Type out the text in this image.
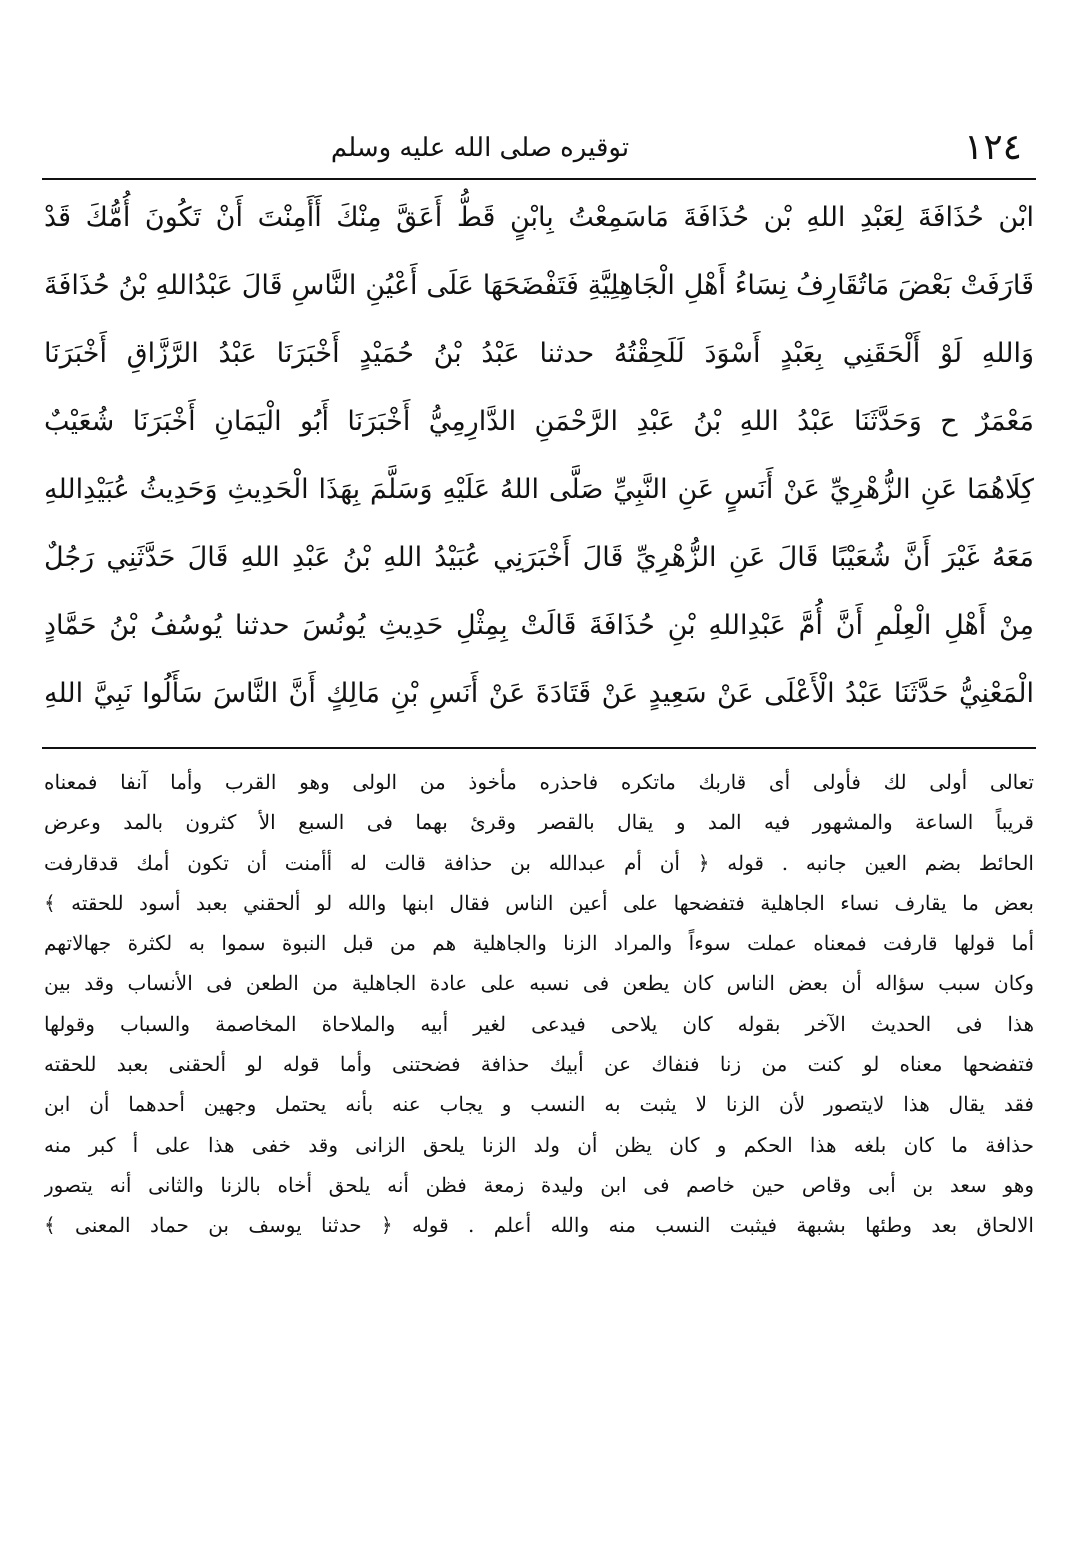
١٢٤
توقيره صلى الله عليه وسلم
ابْن حُذَافَةَ لِعَبْدِ اللهِ بْن حُذَافَةَ مَاسَمِعْتُ بِابْنٍ قَطُّ أَعَقَّ مِنْكَ أَأَمِنْتَ أَنْ تَكُونَ أُمُّكَ قَدْ
قَارَفَتْ بَعْضَ مَاتُقَارِفُ نِسَاءُ أَهْلِ الْجَاهِلِيَّةِ فَتَفْضَحَهَا عَلَى أَعْيُنِ النَّاسِ قَالَ عَبْدُاللهِ بْنُ حُذَافَةَ
وَاللهِ لَوْ أَلْحَقَنِي بِعَبْدٍ أَسْوَدَ لَلَحِقْتُهُ حدثنا عَبْدُ بْنُ حُمَيْدٍ أَخْبَرَنَا عَبْدُ الرَّزَّاقِ أَخْبَرَنَا
مَعْمَرٌ ح وَحَدَّثَنَا عَبْدُ اللهِ بْنُ عَبْدِ الرَّحْمَنِ الدَّارِمِيُّ أَخْبَرَنَا أَبُو الْيَمَانِ أَخْبَرَنَا شُعَيْبٌ
كِلَاهُمَا عَنِ الزُّهْرِيِّ عَنْ أَنَسٍ عَنِ النَّبِيِّ صَلَّى اللهُ عَلَيْهِ وَسَلَّمَ بِهَذَا الْحَدِيثِ وَحَدِيثُ عُبَيْدِاللهِ
مَعَهُ غَيْرَ أَنَّ شُعَيْبًا قَالَ عَنِ الزُّهْرِيِّ قَالَ أَخْبَرَنِي عُبَيْدُ اللهِ بْنُ عَبْدِ اللهِ قَالَ حَدَّثَنِي رَجُلٌ
مِنْ أَهْلِ الْعِلْمِ أَنَّ أُمَّ عَبْدِاللهِ بْنِ حُذَافَةَ قَالَتْ بِمِثْلِ حَدِيثِ يُونُسَ حدثنا يُوسُفُ بْنُ حَمَّادٍ
الْمَعْنِيُّ حَدَّثَنَا عَبْدُ الْأَعْلَى عَنْ سَعِيدٍ عَنْ قَتَادَةَ عَنْ أَنَسِ بْنِ مَالِكٍ أَنَّ النَّاسَ سَأَلُوا نَبِيَّ اللهِ
تعالى أولى لك فأولى أى قاربك ماتكره فاحذره مأخوذ من الولى وهو القرب وأما آنفا فمعناه
قريباً الساعة والمشهور فيه المد و يقال بالقصر وقرئ بهما فى السبع الأ كثرون بالمد وعرض
الحائط بضم العين جانبه . قوله ﴿ أن أم عبدالله بن حذافة قالت له أأمنت أن تكون أمك قدقارفت
بعض ما يقارف نساء الجاهلية فتفضحها على أعين الناس فقال ابنها والله لو ألحقني بعبد أسود للحقته ﴾
أما قولها قارفت فمعناه عملت سوءاً والمراد الزنا والجاهلية هم من قبل النبوة سموا به لكثرة جهالاتهم
وكان سبب سؤاله أن بعض الناس كان يطعن فى نسبه على عادة الجاهلية من الطعن فى الأنساب وقد بين
هذا فى الحديث الآخر بقوله كان يلاحى فيدعى لغير أبيه والملاحاة المخاصمة والسباب وقولها
فتفضحها معناه لو كنت من زنا فنفاك عن أبيك حذافة فضحتنى وأما قوله لو ألحقنى بعبد للحقته
فقد يقال هذا لايتصور لأن الزنا لا يثبت به النسب و يجاب عنه بأنه يحتمل وجهين أحدهما أن ابن
حذافة ما كان بلغه هذا الحكم و كان يظن أن ولد الزنا يلحق الزانى وقد خفى هذا على أ كبر منه
وهو سعد بن أبى وقاص حين خاصم فى ابن وليدة زمعة فظن أنه يلحق أخاه بالزنا والثانى أنه يتصور
الالحاق بعد وطئها بشبهة فيثبت النسب منه والله أعلم . قوله ﴿ حدثنا يوسف بن حماد المعنى ﴾
